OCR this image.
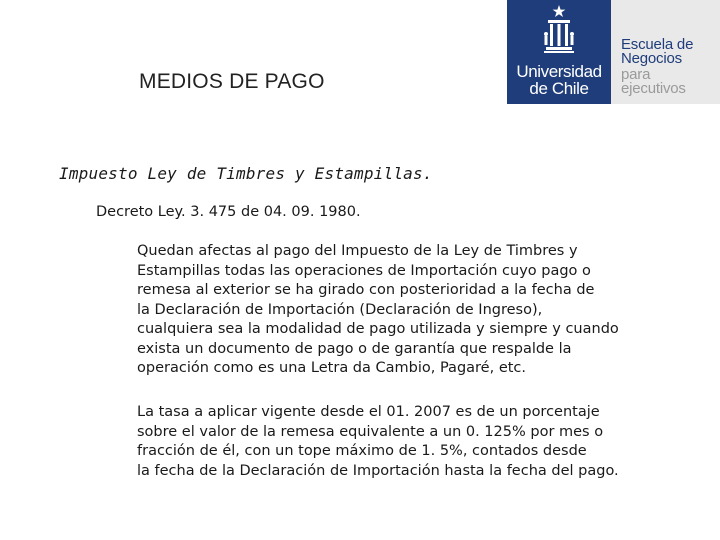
MEDIOS DE PAGO	Universidad
de Chile
Escuela de
Negocios
para
ejecutivos
Impuesto Ley de Timbres y Estampillas.
Decreto Ley. 3. 475 de 04. 09. 1980.
Quedan afectas al pago del Impuesto de la Ley de Timbres y
Estampillas todas las operaciones de Importación cuyo pago o
remesa al exterior se ha girado con posterioridad a la fecha de
la Declaración de Importación (Declaración de Ingreso),
cualquiera sea la modalidad de pago utilizada y siempre y cuando
exista un documento de pago o de garantía que respalde la
operación como es una Letra da Cambio, Pagaré, etc.
La tasa a aplicar vigente desde el 01. 2007 es de un porcentaje
sobre el valor de la remesa equivalente a un 0. 125% por mes o
fracción de él, con un tope máximo de 1. 5%, contados desde
la fecha de la Declaración de Importación hasta la fecha del pago.
